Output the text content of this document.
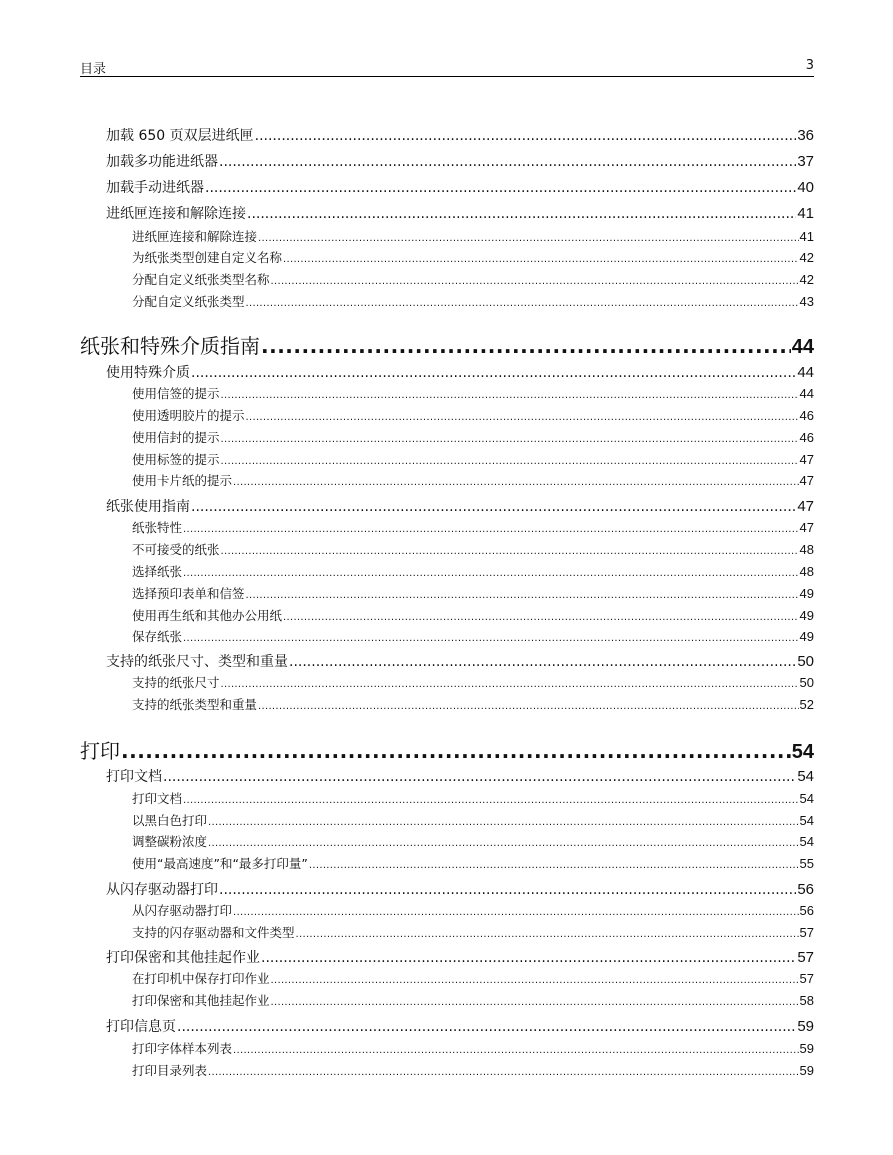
目录	3
加载 650 页双层进纸匣 .....	36
加载多功能进纸器 .....	37
加载手动进纸器 .....	40
进纸匣连接和解除连接 .....	41
进纸匣连接和解除连接 .....	41
为纸张类型创建自定义名称 .....	42
分配自定义纸张类型名称 .....	42
分配自定义纸张类型 .....	43
纸张和特殊介质指南 .....	44
使用特殊介质 .....	44
使用信签的提示 .....	44
使用透明胶片的提示 .....	46
使用信封的提示 .....	46
使用标签的提示 .....	47
使用卡片纸的提示 .....	47
纸张使用指南 .....	47
纸张特性 .....	47
不可接受的纸张 .....	48
选择纸张 .....	48
选择预印表单和信签 .....	49
使用再生纸和其他办公用纸 .....	49
保存纸张 .....	49
支持的纸张尺寸、类型和重量 .....	50
支持的纸张尺寸 .....	50
支持的纸张类型和重量 .....	52
打印 .....	54
打印文档 .....	54
打印文档 .....	54
以黑白色打印 .....	54
调整碳粉浓度 .....	54
使用“最高速度”和“最多打印量” .....	55
从闪存驱动器打印 .....	56
从闪存驱动器打印 .....	56
支持的闪存驱动器和文件类型 .....	57
打印保密和其他挂起作业 .....	57
在打印机中保存打印作业 .....	57
打印保密和其他挂起作业 .....	58
打印信息页 .....	59
打印字体样本列表 .....	59
打印目录列表 .....	59
